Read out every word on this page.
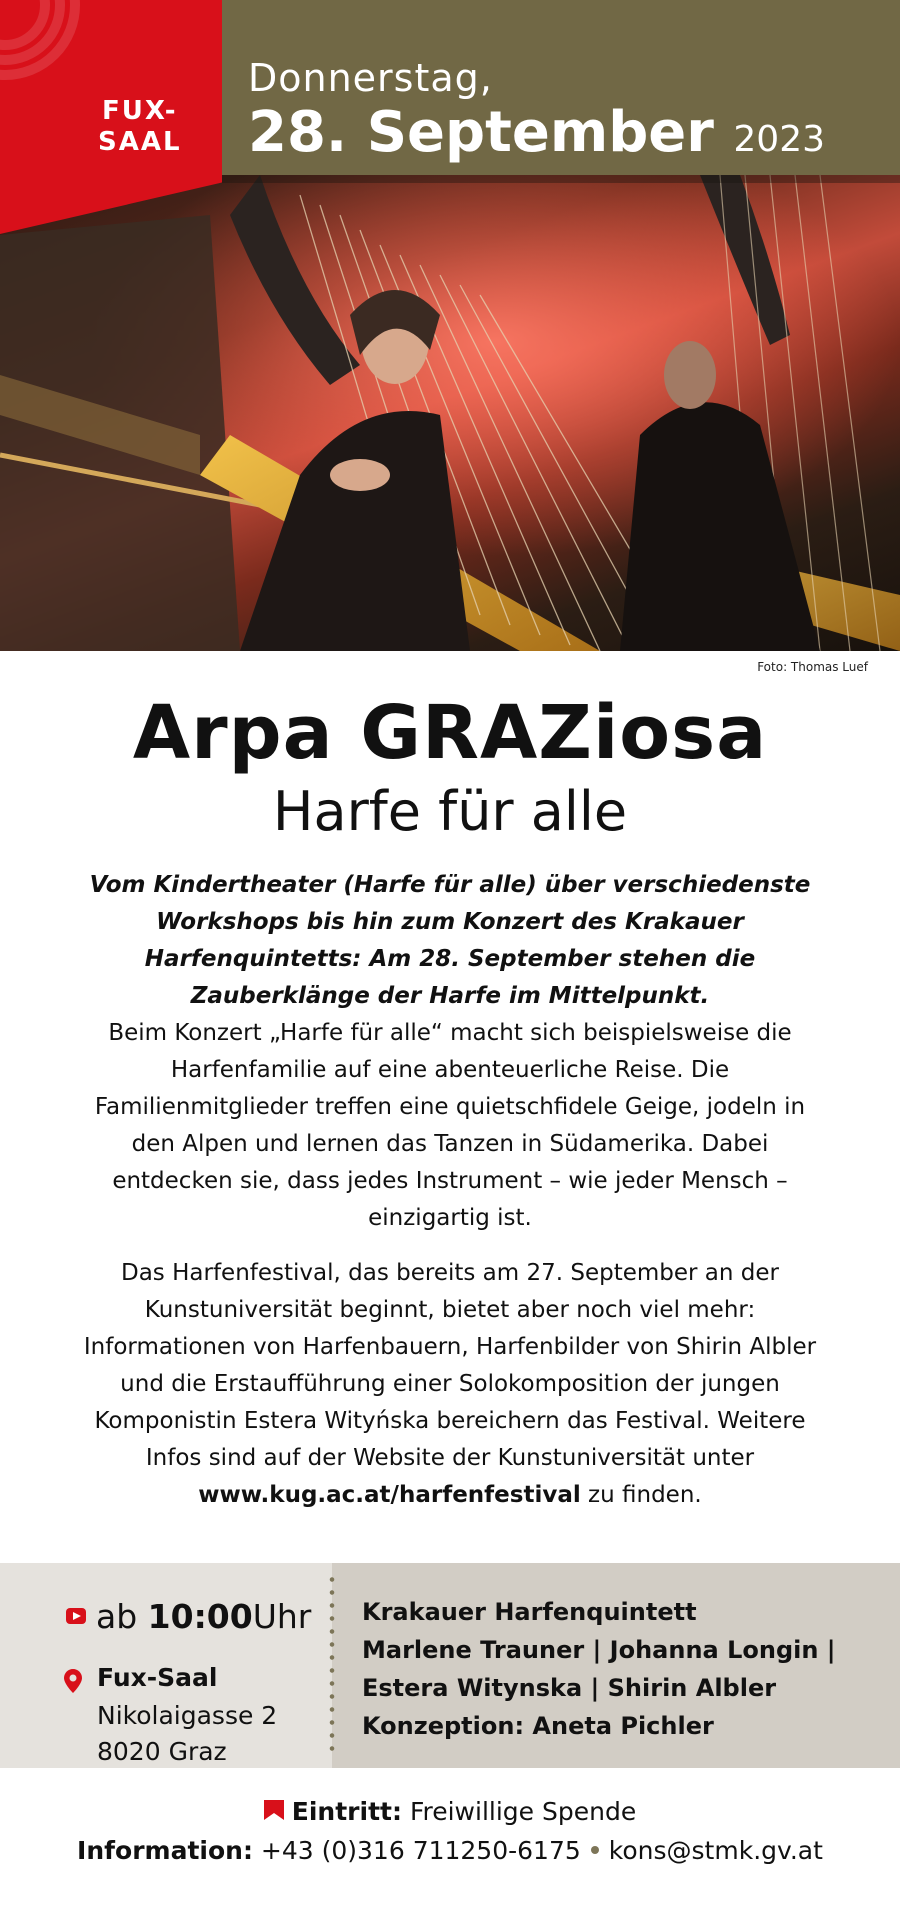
Donnerstag,
28. September 2023
FUX-
SAAL
Foto: Thomas Luef
Arpa GRAZiosa
Harfe für alle
Vom Kindertheater (Harfe für alle) über verschiedenste Workshops bis hin zum Konzert des Krakauer Harfenquintetts: Am 28. September stehen die Zauberklänge der Harfe im Mittelpunkt.
Beim Konzert „Harfe für alle“ macht sich beispielsweise die Harfenfamilie auf eine abenteuerliche Reise. Die Familienmitglieder treffen eine quietschfidele Geige, jodeln in den Alpen und lernen das Tanzen in Südamerika. Dabei entdecken sie, dass jedes Instrument – wie jeder Mensch – einzigartig ist.
Das Harfenfestival, das bereits am 27. September an der Kunstuniversität beginnt, bietet aber noch viel mehr: Informationen von Harfenbauern, Harfenbilder von Shirin Albler und die Erstaufführung einer Solokomposition der jungen Komponistin Estera Wityńska bereichern das Festival. Weitere Infos sind auf der Website der Kunstuniversität unter www.kug.ac.at/harfenfestival zu finden.
ab 10:00Uhr
Fux-Saal
Nikolaigasse 2
8020 Graz
Krakauer Harfenquintett
Marlene Trauner | Johanna Longin |
Estera Witynska | Shirin Albler
Konzeption: Aneta Pichler
Eintritt: Freiwillige Spende
Information: +43 (0)316 711250-6175 kons@stmk.gv.at
